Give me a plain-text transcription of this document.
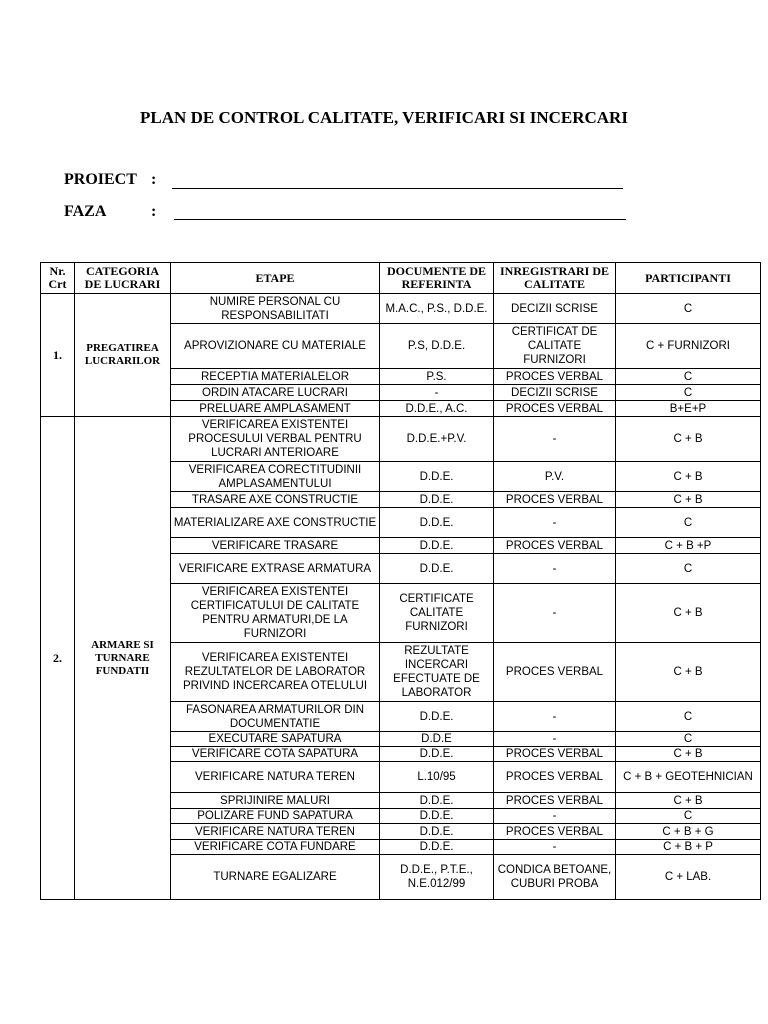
PLAN DE CONTROL CALITATE, VERIFICARI SI INCERCARI
PROIECT :
FAZA	:
Nr. Crt	CATEGORIA DE LUCRARI	ETAPE	DOCUMENTE DE REFERINTA	INREGISTRARI DE CALITATE	PARTICIPANTI
1.	PREGATIREA LUCRARILOR	NUMIRE PERSONAL CU RESPONSABILITATI	M.A.C., P.S., D.D.E.	DECIZII SCRISE	C
		APROVIZIONARE CU MATERIALE	P.S, D.D.E.	CERTIFICAT DE CALITATE FURNIZORI	C + FURNIZORI
		RECEPTIA MATERIALELOR	P.S.	PROCES VERBAL	C
		ORDIN ATACARE LUCRARI	-	DECIZII SCRISE	C
		PRELUARE AMPLASAMENT	D.D.E., A.C.	PROCES VERBAL	B+E+P
2.	ARMARE SI TURNARE FUNDATII	VERIFICAREA EXISTENTEI PROCESULUI VERBAL PENTRU LUCRARI ANTERIOARE	D.D.E.+P.V.	-	C + B
		VERIFICAREA CORECTITUDINII AMPLASAMENTULUI	D.D.E.	P.V.	C + B
		TRASARE AXE CONSTRUCTIE	D.D.E.	PROCES VERBAL	C + B
		MATERIALIZARE AXE CONSTRUCTIE	D.D.E.	-	C
		VERIFICARE TRASARE	D.D.E.	PROCES VERBAL	C + B +P
		VERIFICARE EXTRASE ARMATURA	D.D.E.	-	C
		VERIFICAREA EXISTENTEI CERTIFICATULUI DE CALITATE PENTRU ARMATURI,DE LA FURNIZORI	CERTIFICATE CALITATE FURNIZORI	-	C + B
		VERIFICAREA EXISTENTEI REZULTATELOR DE LABORATOR PRIVIND INCERCAREA OTELULUI	REZULTATE INCERCARI EFECTUATE DE LABORATOR	PROCES VERBAL	C + B
		FASONAREA ARMATURILOR DIN DOCUMENTATIE	D.D.E.	-	C
		EXECUTARE SAPATURA	D.D.E	-	C
		VERIFICARE COTA SAPATURA	D.D.E.	PROCES VERBAL	C + B
		VERIFICARE NATURA TEREN	L.10/95	PROCES VERBAL	C + B + GEOTEHNICIAN
		SPRIJINIRE MALURI	D.D.E.	PROCES VERBAL	C + B
		POLIZARE FUND SAPATURA	D.D.E.	-	C
		VERIFICARE NATURA TEREN	D.D.E.	PROCES VERBAL	C + B + G
		VERIFICARE COTA FUNDARE	D.D.E.	-	C + B + P
		TURNARE EGALIZARE	D.D.E., P.T.E., N.E.012/99	CONDICA BETOANE, CUBURI PROBA	C + LAB.
